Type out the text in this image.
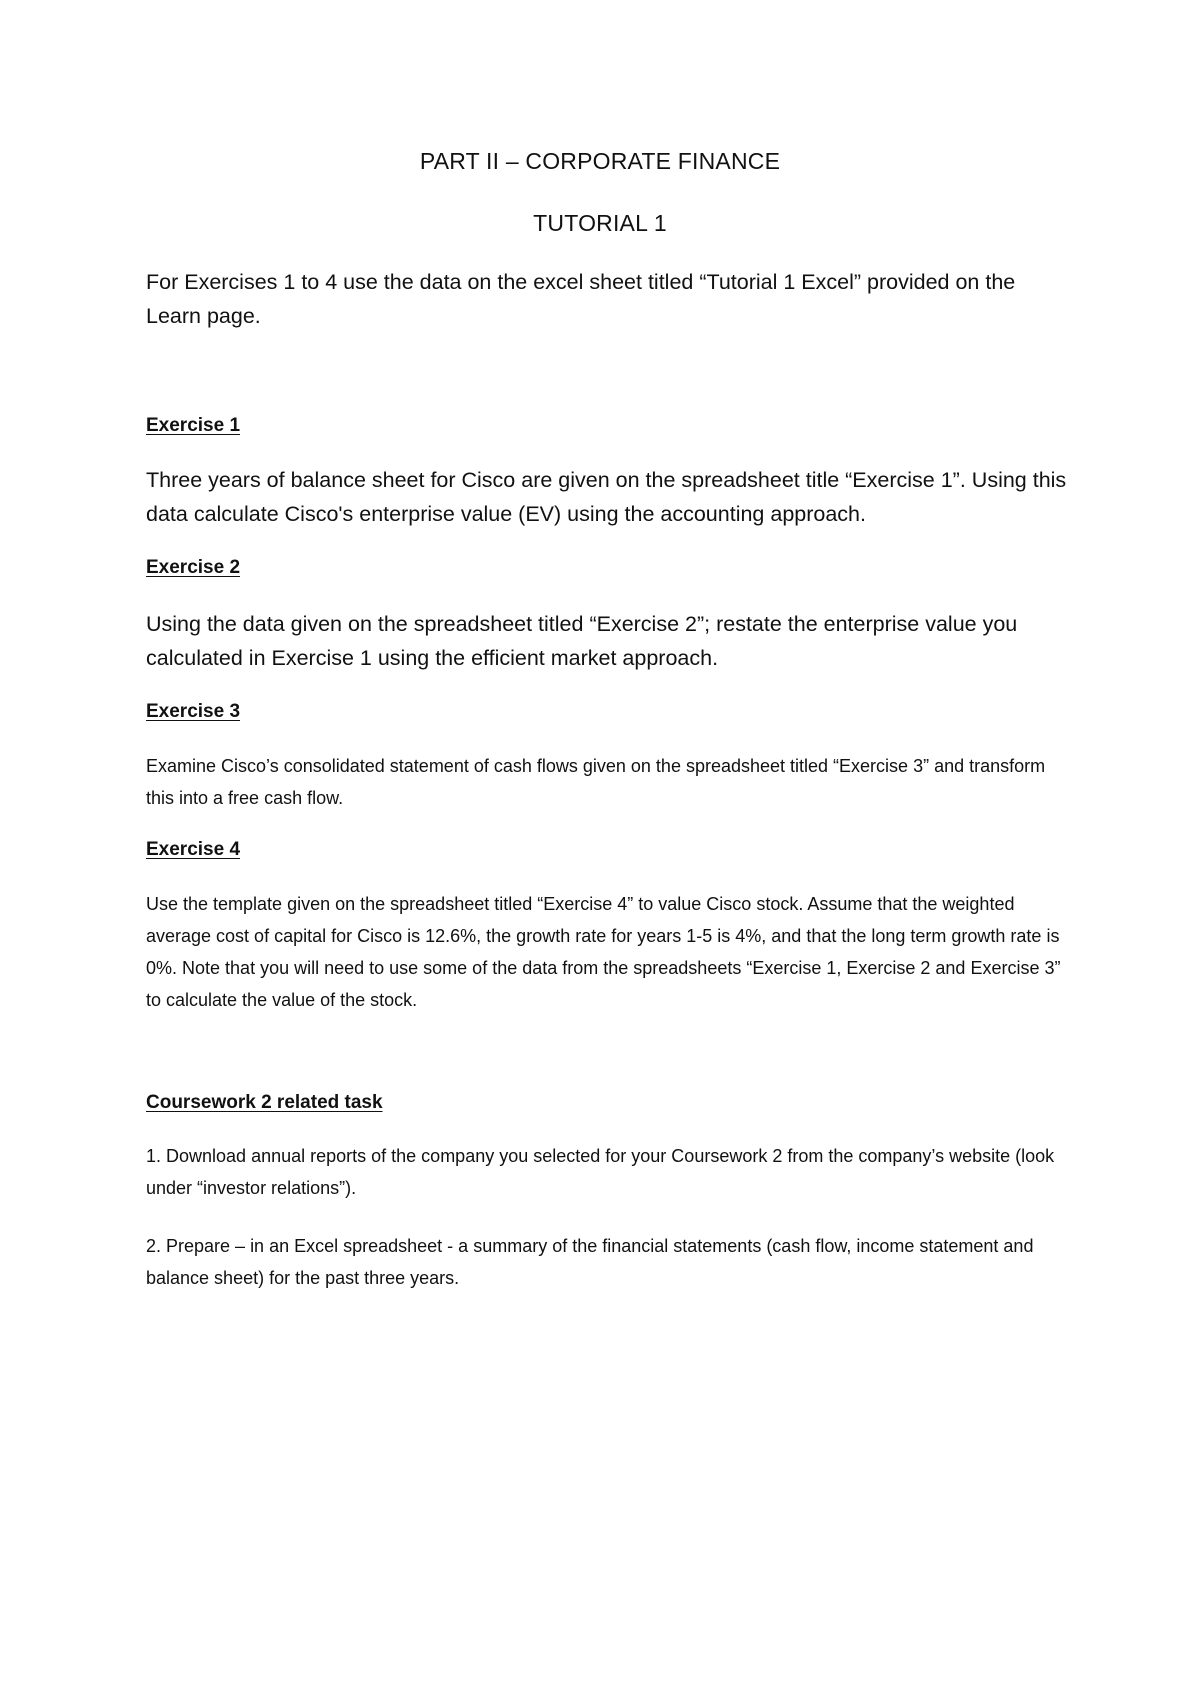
PART II – CORPORATE FINANCE
TUTORIAL 1

For Exercises 1 to 4 use the data on the excel sheet titled “Tutorial 1 Excel” provided on the Learn page.

Exercise 1

Three years of balance sheet for Cisco are given on the spreadsheet title “Exercise 1”. Using this data calculate Cisco's enterprise value (EV) using the accounting approach.

Exercise 2

Using the data given on the spreadsheet titled “Exercise 2”; restate the enterprise value you calculated in Exercise 1 using the efficient market approach.

Exercise 3

Examine Cisco’s consolidated statement of cash flows given on the spreadsheet titled “Exercise 3” and transform this into a free cash flow.

Exercise 4

Use the template given on the spreadsheet titled “Exercise 4” to value Cisco stock. Assume that the weighted average cost of capital for Cisco is 12.6%, the growth rate for years 1-5 is 4%, and that the long term growth rate is 0%. Note that you will need to use some of the data from the spreadsheets “Exercise 1, Exercise 2 and Exercise 3” to calculate the value of the stock.

Coursework 2 related task

1. Download annual reports of the company you selected for your Coursework 2 from the company’s website (look under “investor relations”).

2. Prepare – in an Excel spreadsheet - a summary of the financial statements (cash flow, income statement and balance sheet) for the past three years.
